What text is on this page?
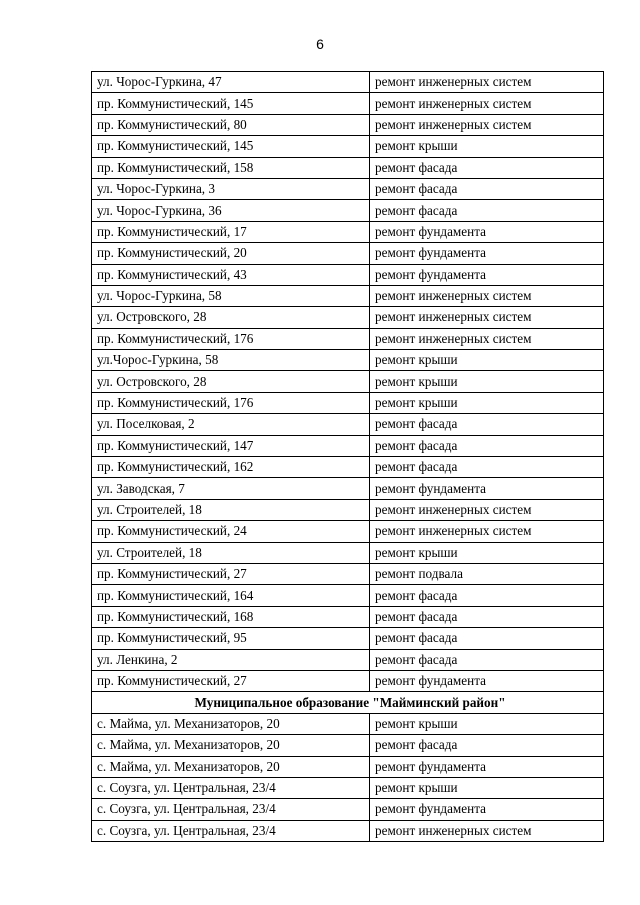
6
ул. Чорос-Гуркина, 47	ремонт инженерных систем
пр. Коммунистический, 145	ремонт инженерных систем
пр. Коммунистический, 80	ремонт инженерных систем
пр. Коммунистический, 145	ремонт крыши
пр. Коммунистический, 158	ремонт фасада
ул. Чорос-Гуркина, 3	ремонт фасада
ул. Чорос-Гуркина, 36	ремонт фасада
пр. Коммунистический, 17	ремонт фундамента
пр. Коммунистический, 20	ремонт фундамента
пр. Коммунистический, 43	ремонт фундамента
ул. Чорос-Гуркина, 58	ремонт инженерных систем
ул. Островского, 28	ремонт инженерных систем
пр. Коммунистический, 176	ремонт инженерных систем
ул.Чорос-Гуркина, 58	ремонт крыши
ул. Островского, 28	ремонт крыши
пр. Коммунистический, 176	ремонт крыши
ул. Поселковая, 2	ремонт фасада
пр. Коммунистический, 147	ремонт фасада
пр. Коммунистический, 162	ремонт фасада
ул. Заводская, 7	ремонт фундамента
ул. Строителей, 18	ремонт инженерных систем
пр. Коммунистический, 24	ремонт инженерных систем
ул. Строителей, 18	ремонт крыши
пр. Коммунистический, 27	ремонт подвала
пр. Коммунистический, 164	ремонт фасада
пр. Коммунистический, 168	ремонт фасада
пр. Коммунистический, 95	ремонт фасада
ул. Ленкина, 2	ремонт фасада
пр. Коммунистический, 27	ремонт фундамента
Муниципальное образование "Майминский район"	
с. Майма, ул. Механизаторов, 20	ремонт крыши
с. Майма, ул. Механизаторов, 20	ремонт фасада
с. Майма, ул. Механизаторов, 20	ремонт фундамента
с. Соузга, ул. Центральная, 23/4	ремонт крыши
с. Соузга, ул. Центральная, 23/4	ремонт фундамента
с. Соузга, ул. Центральная, 23/4	ремонт инженерных систем
